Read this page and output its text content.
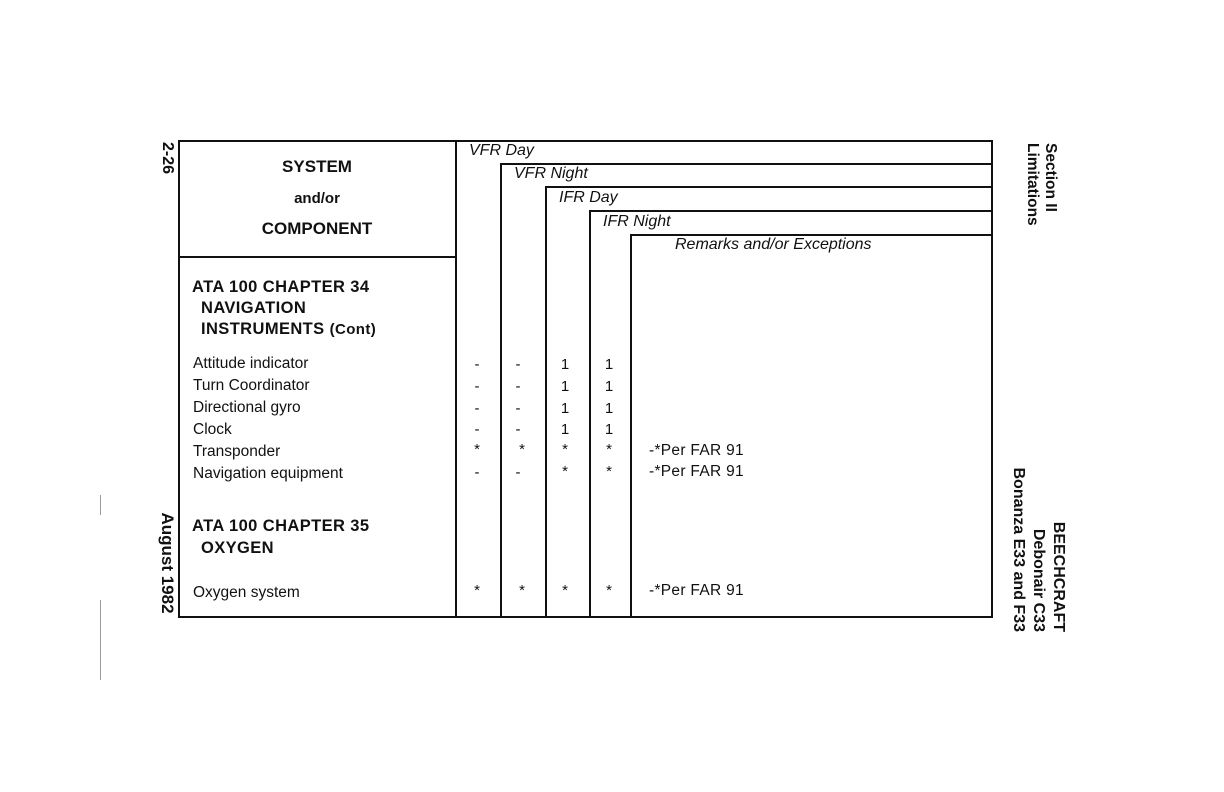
SYSTEM
and/or
COMPONENT
VFR Day
VFR Night
IFR Day
IFR Night
Remarks and/or Exceptions
ATA 100 CHAPTER 34
NAVIGATION
INSTRUMENTS (Cont)
Attitude indicator	-	-	1	1
Turn Coordinator	-	-	1	1
Directional gyro	-	-	1	1
Clock	-	-	1	1
Transponder	*	*	*	*	-*Per FAR 91
Navigation equipment	-	-	*	*	-*Per FAR 91
ATA 100 CHAPTER 35
OXYGEN
Oxygen system	*	*	*	*	-*Per FAR 91
2-26
August 1982
Section II
Limitations
BEECHCRAFT
Debonair C33
Bonanza E33 and F33
